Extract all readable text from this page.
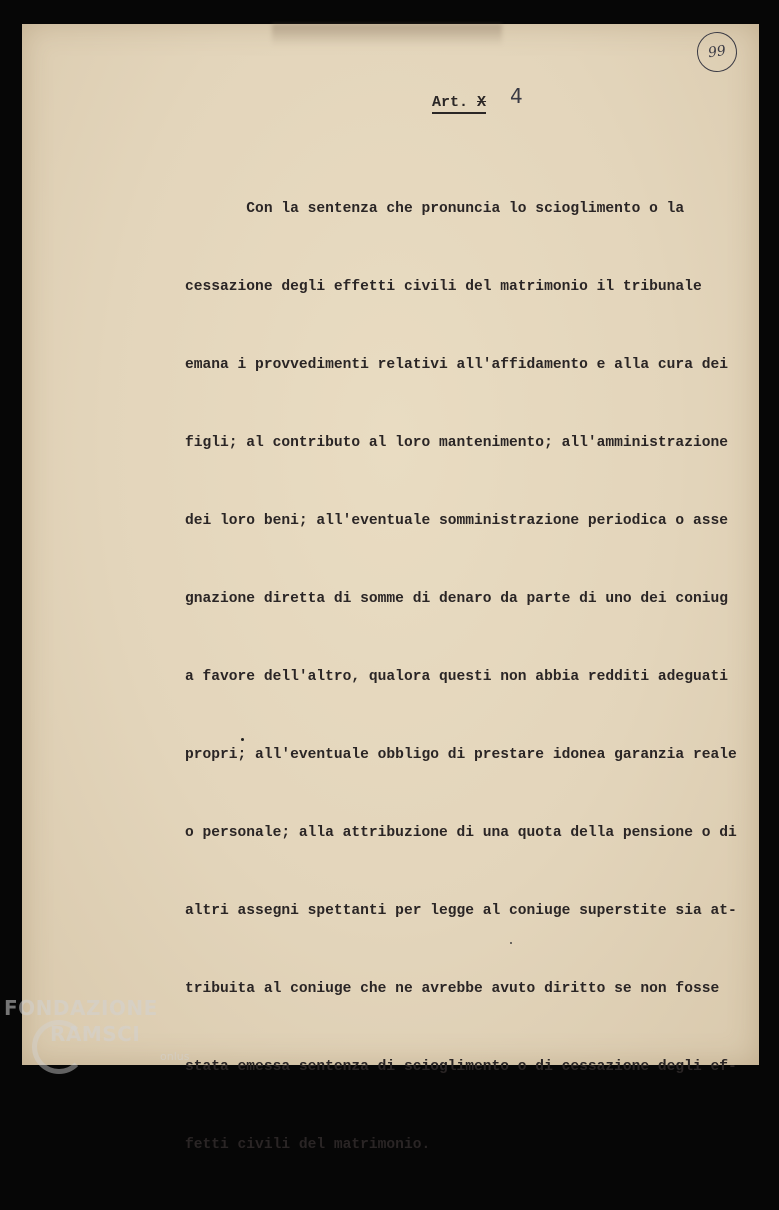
99
Art. X 4

Con la sentenza che pronuncia lo scioglimento o la

cessazione degli effetti civili del matrimonio il tribunale

emana i provvedimenti relativi all'affidamento e alla cura dei

figli; al contributo al loro mantenimento; all'amministrazione

dei loro beni; all'eventuale somministrazione periodica o asse

gnazione diretta di somme di denaro da parte di uno dei coniug

a favore dell'altro, qualora questi non abbia redditi adeguati

propri; all'eventuale obbligo di prestare idonea garanzia reale

o personale; alla attribuzione di una quota della pensione o di

altri assegni spettanti per legge al coniuge superstite sia at-

tribuita al coniuge che ne avrebbe avuto diritto se non fosse

stata emessa sentenza di scioglimento o di cessazione degli ef-

fetti civili del matrimonio.

FONDAZIONE
RAMSCI
onlus
